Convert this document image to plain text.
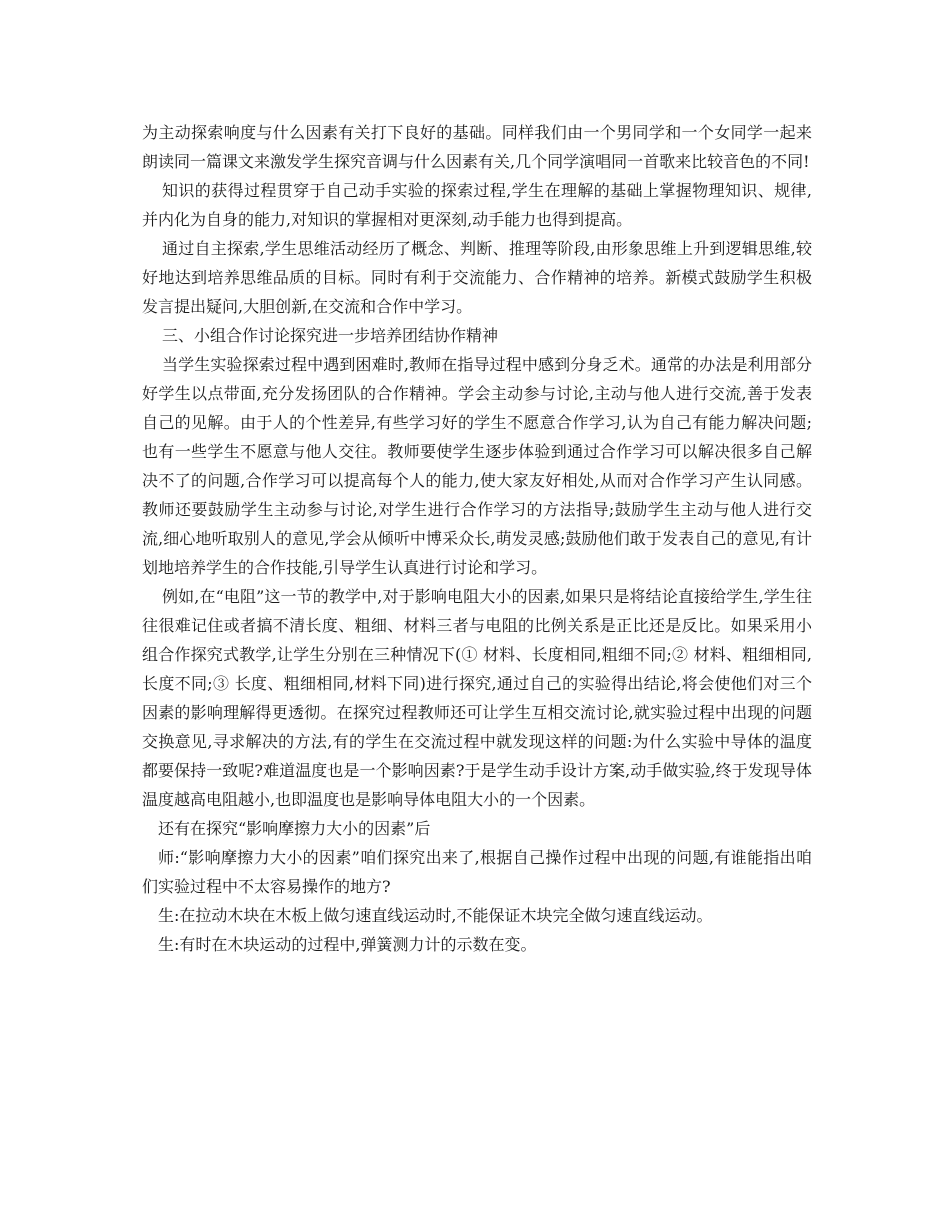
为主动探索响度与什么因素有关打下良好的基础。同样我们由一个男同学和一个女同学一起来朗读同一篇课文来激发学生探究音调与什么因素有关,几个同学演唱同一首歌来比较音色的不同!

知识的获得过程贯穿于自己动手实验的探索过程,学生在理解的基础上掌握物理知识、规律,并内化为自身的能力,对知识的掌握相对更深刻,动手能力也得到提高。

通过自主探索,学生思维活动经历了概念、判断、推理等阶段,由形象思维上升到逻辑思维,较好地达到培养思维品质的目标。同时有利于交流能力、合作精神的培养。新模式鼓励学生积极发言提出疑问,大胆创新,在交流和合作中学习。

三、小组合作讨论探究进一步培养团结协作精神

当学生实验探索过程中遇到困难时,教师在指导过程中感到分身乏术。通常的办法是利用部分好学生以点带面,充分发扬团队的合作精神。学会主动参与讨论,主动与他人进行交流,善于发表自己的见解。由于人的个性差异,有些学习好的学生不愿意合作学习,认为自己有能力解决问题;也有一些学生不愿意与他人交往。教师要使学生逐步体验到通过合作学习可以解决很多自己解决不了的问题,合作学习可以提高每个人的能力,使大家友好相处,从而对合作学习产生认同感。教师还要鼓励学生主动参与讨论,对学生进行合作学习的方法指导;鼓励学生主动与他人进行交流,细心地听取别人的意见,学会从倾听中博采众长,萌发灵感;鼓励他们敢于发表自己的意见,有计划地培养学生的合作技能,引导学生认真进行讨论和学习。

例如,在“电阻”这一节的教学中,对于影响电阻大小的因素,如果只是将结论直接给学生,学生往往很难记住或者搞不清长度、粗细、材料三者与电阻的比例关系是正比还是反比。如果采用小组合作探究式教学,让学生分别在三种情况下(① 材料、长度相同,粗细不同;② 材料、粗细相同,长度不同;③ 长度、粗细相同,材料下同)进行探究,通过自己的实验得出结论,将会使他们对三个因素的影响理解得更透彻。在探究过程教师还可让学生互相交流讨论,就实验过程中出现的问题交换意见,寻求解决的方法,有的学生在交流过程中就发现这样的问题:为什么实验中导体的温度都要保持一致呢?难道温度也是一个影响因素?于是学生动手设计方案,动手做实验,终于发现导体温度越高电阻越小,也即温度也是影响导体电阻大小的一个因素。

还有在探究“影响摩擦力大小的因素”后

师:“影响摩擦力大小的因素”咱们探究出来了,根据自己操作过程中出现的问题,有谁能指出咱们实验过程中不太容易操作的地方?

生:在拉动木块在木板上做匀速直线运动时,不能保证木块完全做匀速直线运动。

生:有时在木块运动的过程中,弹簧测力计的示数在变。
